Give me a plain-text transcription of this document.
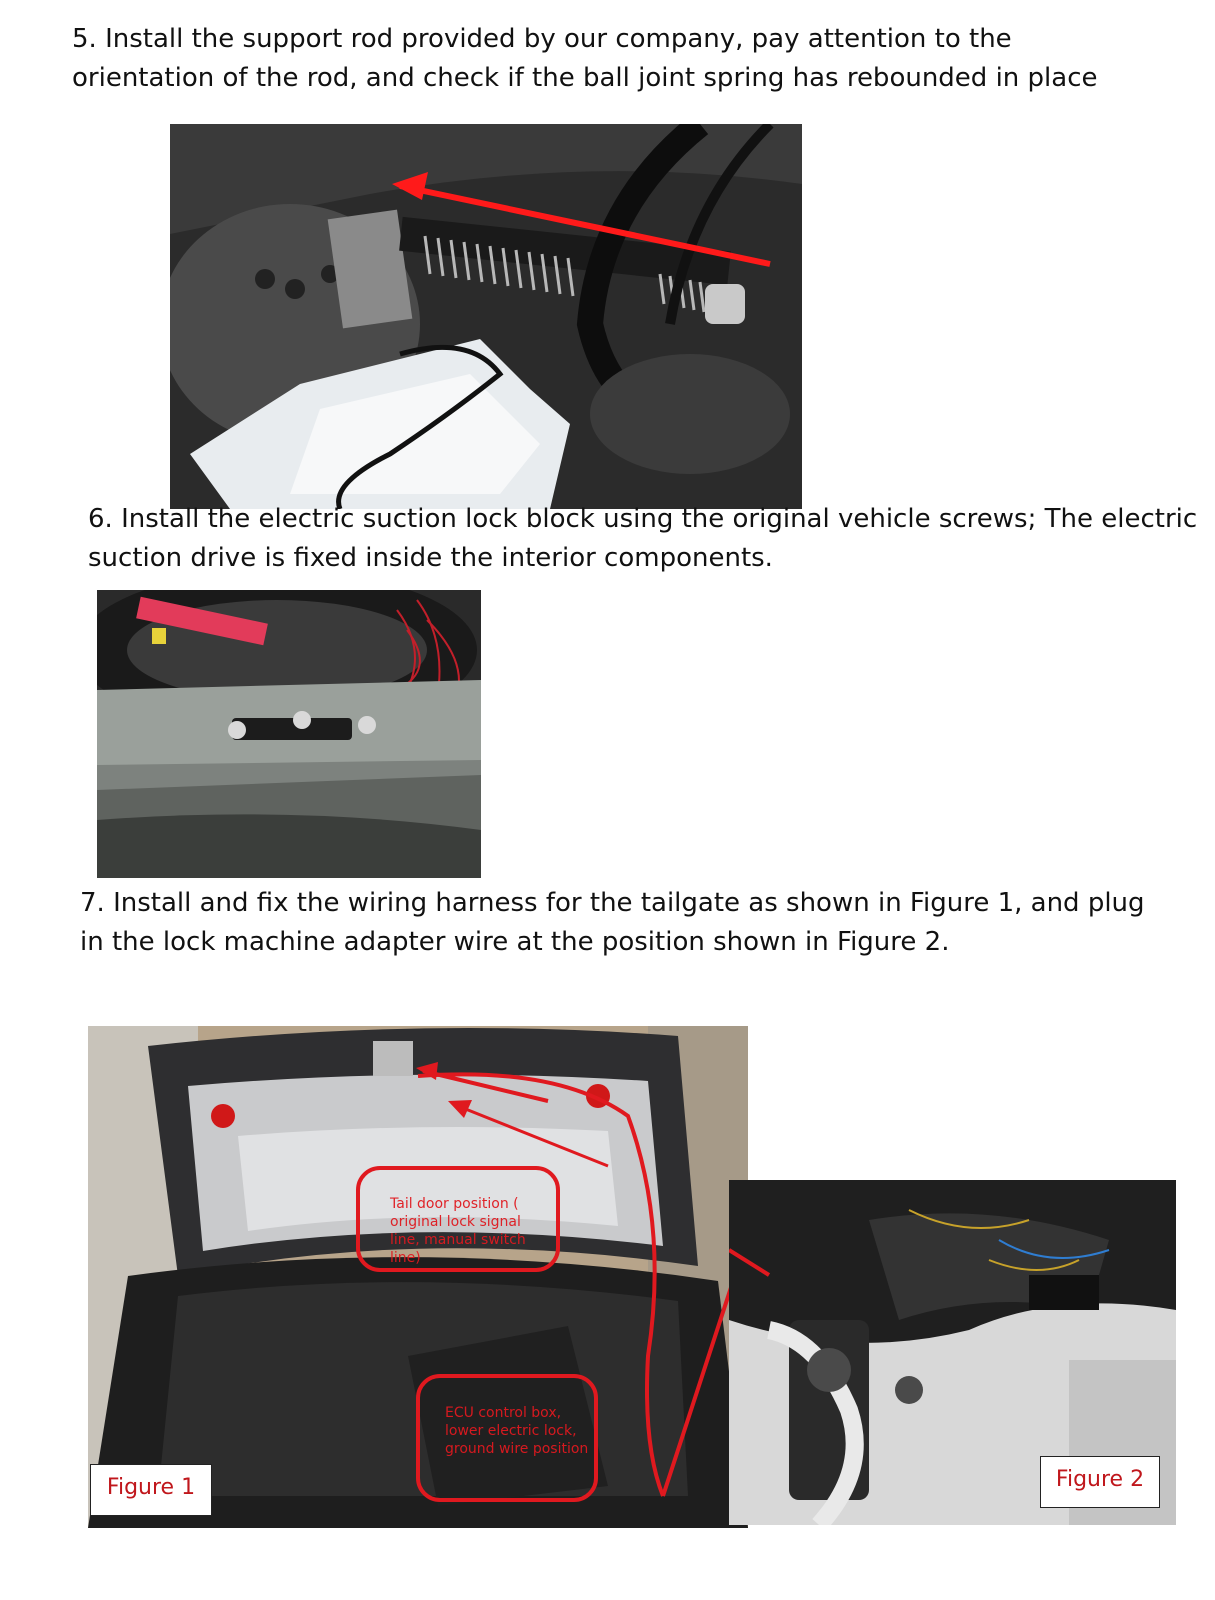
5. Install the support rod provided by our company, pay attention to the
orientation of the rod, and check if the ball joint spring has rebounded in place

6. Install the electric suction lock block using the original vehicle screws; The electric
suction drive is fixed inside the interior components.

7. Install and fix the wiring harness for the tailgate as shown in Figure 1, and plug
in the lock machine adapter wire at the position shown in Figure 2.

Tail door position ( original lock signal line, manual switch line)
ECU control box, lower electric lock, ground wire position
Figure 1	Figure 2
